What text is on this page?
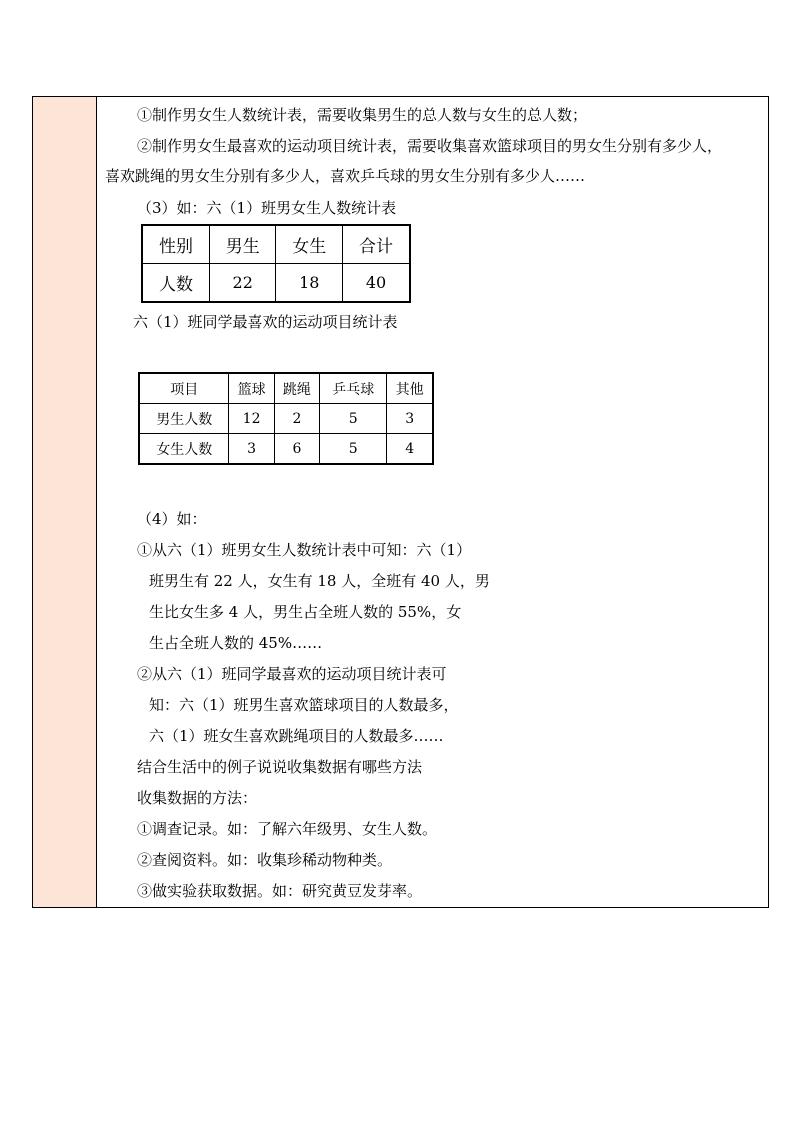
①制作男女生人数统计表，需要收集男生的总人数与女生的总人数；
②制作男女生最喜欢的运动项目统计表，需要收集喜欢篮球项目的男女生分别有多少人，
喜欢跳绳的男女生分别有多少人，喜欢乒乓球的男女生分别有多少人……
（3）如：六（1）班男女生人数统计表
性别	男生	女生	合计
人数	22	18	40
六（1）班同学最喜欢的运动项目统计表
项目	篮球	跳绳	乒乓球	其他
男生人数	12	2	5	3
女生人数	3	6	5	4
（4）如：
①从六（1）班男女生人数统计表中可知：六（1）
班男生有 22 人，女生有 18 人，全班有 40 人，男
生比女生多 4 人，男生占全班人数的 55%，女
生占全班人数的 45%……
②从六（1）班同学最喜欢的运动项目统计表可
知：六（1）班男生喜欢篮球项目的人数最多，
六（1）班女生喜欢跳绳项目的人数最多……
结合生活中的例子说说收集数据有哪些方法
收集数据的方法：
①调查记录。如：了解六年级男、女生人数。
②查阅资料。如：收集珍稀动物种类。
③做实验获取数据。如：研究黄豆发芽率。
